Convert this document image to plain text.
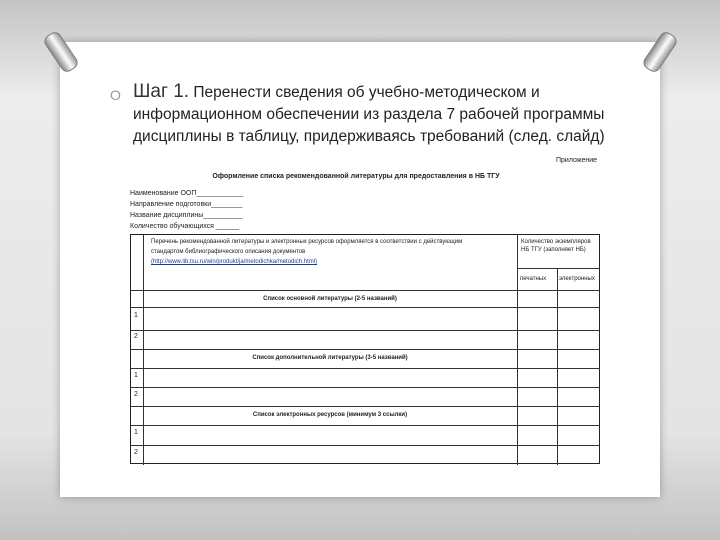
O Шаг 1. Перенести сведения об учебно-методическом и информационном обеспечении из раздела 7 рабочей программы дисциплины в таблицу, придерживаясь требований (след. слайд)

Приложение
Оформление списка рекомендованной литературы для предоставления в НБ ТГУ
Наименование ООП____________
Направление подготовки________
Название дисциплины__________
Количество обучающихся ______
Перечень рекомендованной литературы и электронных ресурсов оформляется в соответствии с действующим
стандартом библиографического описания документов
(http://www.lib.tsu.ru/win/produkt/ja/metodichka/metodich.html)
Количество экземпляров НБ ТГУ (заполняет НБ)
печатных электронных
Список основной литературы (2-5 названий)
1
2
Список дополнительной литературы (3-5 названий)
1
2
Список электронных ресурсов (минимум 3 ссылки)
1
2
